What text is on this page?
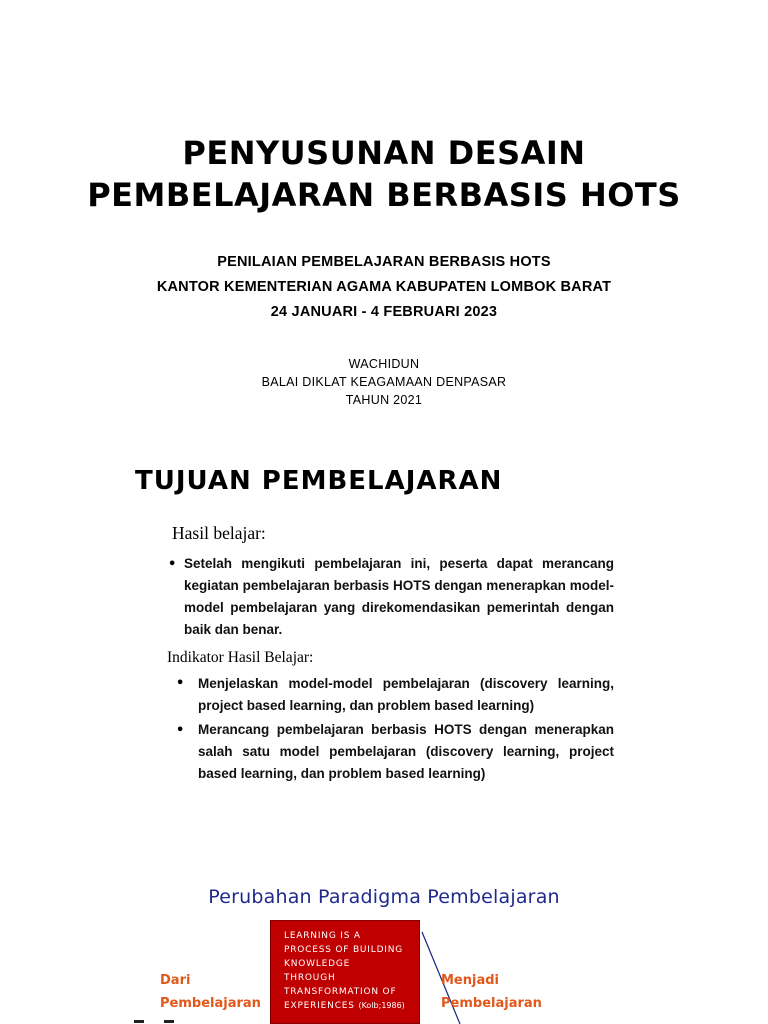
PENYUSUNAN DESAIN
PEMBELAJARAN BERBASIS HOTS
PENILAIAN PEMBELAJARAN BERBASIS HOTS
KANTOR KEMENTERIAN AGAMA KABUPATEN LOMBOK BARAT
24 JANUARI - 4 FEBRUARI 2023
WACHIDUN
BALAI DIKLAT KEAGAMAAN DENPASAR
TAHUN 2021
TUJUAN PEMBELAJARAN
Hasil belajar:
• Setelah mengikuti pembelajaran ini, peserta dapat merancang kegiatan pembelajaran berbasis HOTS dengan menerapkan model-model pembelajaran yang direkomendasikan pemerintah dengan baik dan benar.
Indikator Hasil Belajar:
• Menjelaskan model-model pembelajaran (discovery learning, project based learning, dan problem based learning)
• Merancang pembelajaran berbasis HOTS dengan menerapkan salah satu model pembelajaran (discovery learning, project based learning, dan problem based learning)
Perubahan Paradigma Pembelajaran
LEARNING IS A
PROCESS OF BUILDING
KNOWLEDGE
THROUGH
TRANSFORMATION OF
EXPERIENCES (Kolb;1986)
Dari
Pembelajaran
Menjadi
Pembelajaran
